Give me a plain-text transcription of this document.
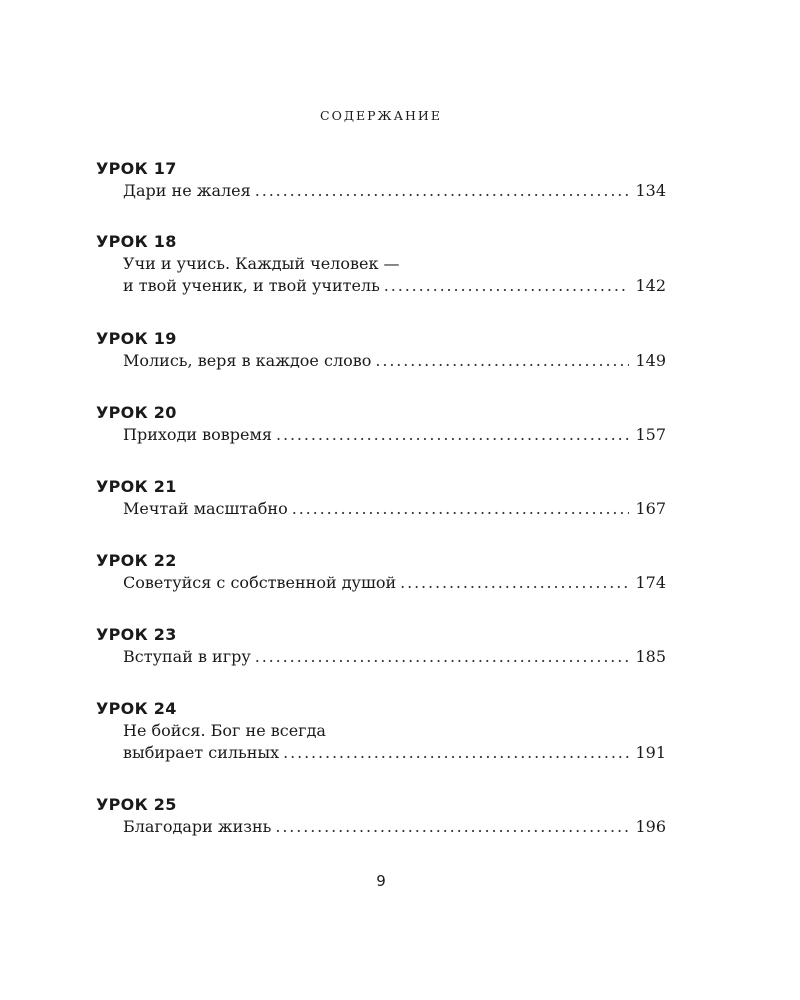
СОДЕРЖАНИЕ
УРОК 17
Дари не жалея . . .	134
УРОК 18
Учи и учись. Каждый человек —
и твой ученик, и твой учитель . . .	142
УРОК 19
Молись, веря в каждое слово . . .	149
УРОК 20
Приходи вовремя . . .	157
УРОК 21
Мечтай масштабно . . .	167
УРОК 22
Советуйся с собственной душой . . .	174
УРОК 23
Вступай в игру . . .	185
УРОК 24
Не бойся. Бог не всегда
выбирает сильных . . .	191
УРОК 25
Благодари жизнь . . .	196
9
